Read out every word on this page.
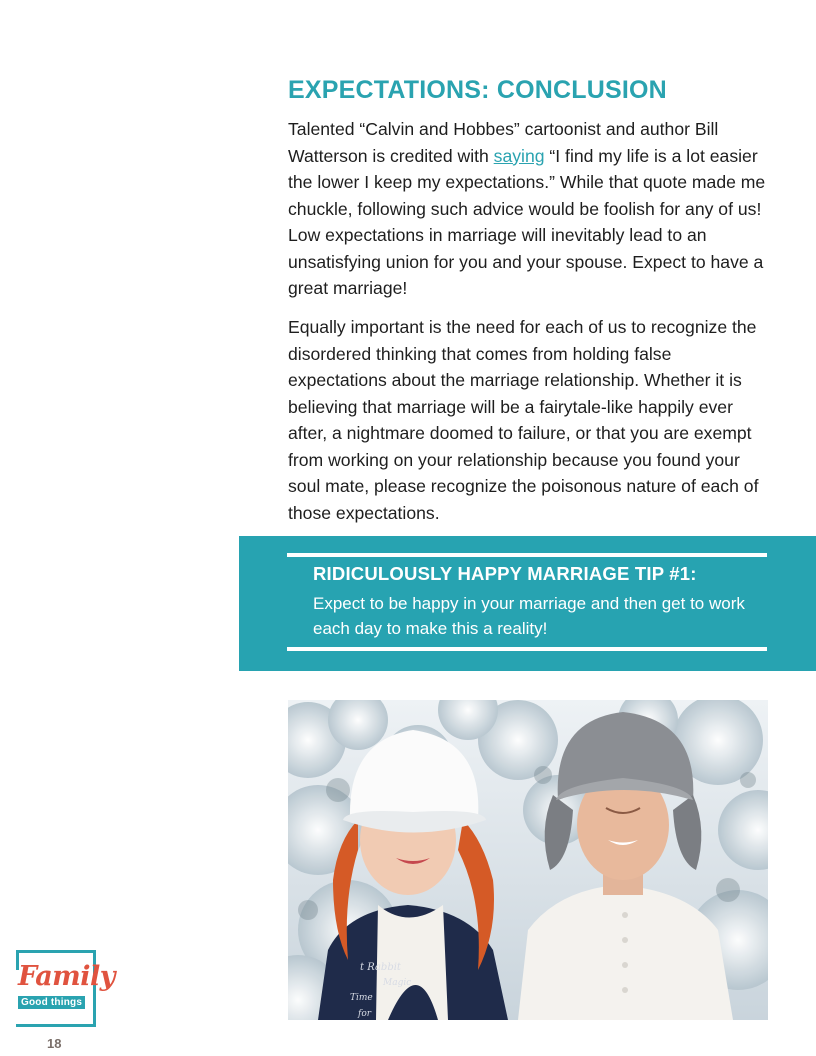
EXPECTATIONS: CONCLUSION

Talented “Calvin and Hobbes” cartoonist and author Bill Watterson is credited with saying “I find my life is a lot easier the lower I keep my expectations.” While that quote made me chuckle, following such advice would be foolish for any of us! Low expectations in marriage will inevitably lead to an unsatisfying union for you and your spouse. Expect to have a great marriage!

Equally important is the need for each of us to recognize the disordered thinking that comes from holding false expectations about the marriage relationship. Whether it is believing that marriage will be a fairytale-like happily ever after, a nightmare doomed to failure, or that you are exempt from working on your relationship because you found your soul mate, please recognize the poisonous nature of each of those expectations.

RIDICULOUSLY HAPPY MARRIAGE TIP #1:
Expect to be happy in your marriage and then get to work each day to make this a reality!
t Rabbit
Magic
Time
for
Family
Good things
18
